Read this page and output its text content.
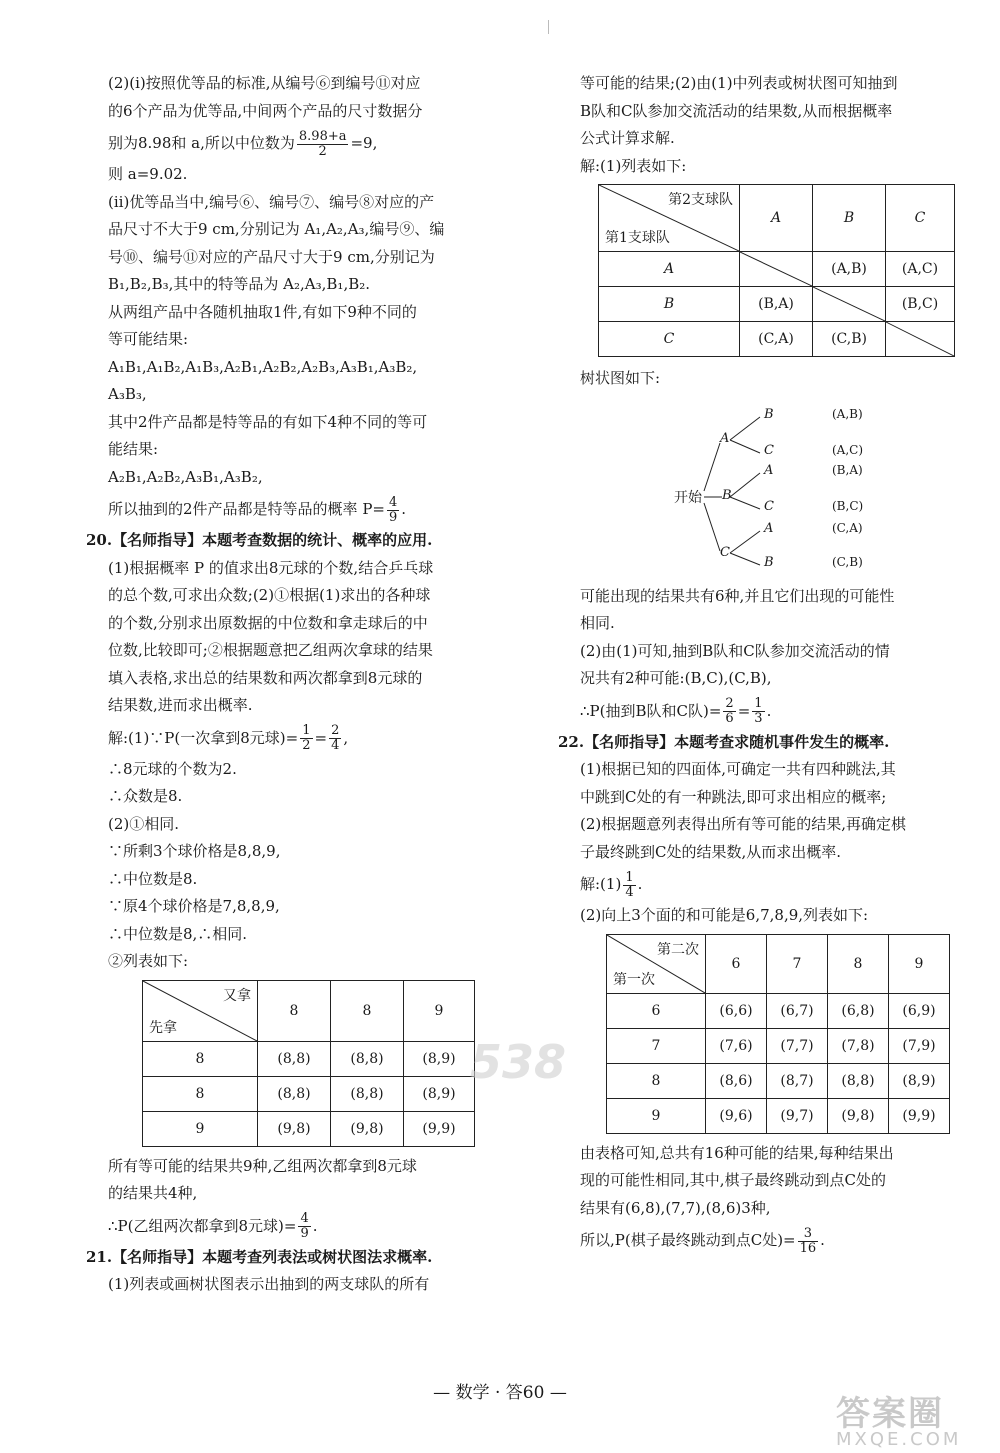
(2)(ⅰ)按照优等品的标准,从编号⑥到编号⑪对应
的6个产品为优等品,中间两个产品的尺寸数据分
别为8.98和 a,所以中位数为 $\frac{8.98+a}{2} =9$,
则 a=9.02.
(ⅱ)优等品当中,编号⑥、编号⑦、编号⑧对应的产
品尺寸不大于9 cm,分别记为 A₁,A₂,A₃,编号⑨、编
号⑩、编号⑪对应的产品尺寸大于9 cm,分别记为
B₁,B₂,B₃,其中的特等品为 A₂,A₃,B₁,B₂.
从两组产品中各随机抽取1件,有如下9种不同的
等可能结果:
A₁B₁,A₁B₂,A₁B₃,A₂B₁,A₂B₂,A₂B₃,A₃B₁,A₃B₂,
A₃B₃,
其中2件产品都是特等品的有如下4种不同的等可
能结果:
A₂B₁,A₂B₂,A₃B₁,A₃B₂,
所以抽到的2件产品都是特等品的概率 $P= \frac{4}{9}$ .
20.【名师指导】本题考查数据的统计、概率的应用.
(1)根据概率 P 的值求出8元球的个数,结合乒乓球
的总个数,可求出众数;(2)①根据(1)求出的各种球
的个数,分别求出原数据的中位数和拿走球后的中
位数,比较即可;②根据题意把乙组两次拿球的结果
填入表格,求出总的结果数和两次都拿到8元球的
结果数,进而求出概率.
解:(1)∵P(一次拿到8元球)= $\frac{1}{2} = \frac{2}{4}$ ,
∴8元球的个数为2.
∴众数是8.
(2)①相同.
∵所剩3个球价格是8,8,9,
∴中位数是8.
∵原4个球价格是7,8,8,9,
∴中位数是8,∴相同.
②列表如下:
又拿
先拿	8	8	9
8	(8,8)	(8,8)	(8,9)
8	(8,8)	(8,8)	(8,9)
9	(9,8)	(9,8)	(9,9)
所有等可能的结果共9种,乙组两次都拿到8元球
的结果共4种,
∴P(乙组两次都拿到8元球)= $\frac{4}{9}$ .
21.【名师指导】本题考查列表法或树状图法求概率.
(1)列表或画树状图表示出抽到的两支球队的所有
等可能的结果;(2)由(1)中列表或树状图可知抽到
B队和C队参加交流活动的结果数,从而根据概率
公式计算求解.
解:(1)列表如下:
第2支球队
第1支球队	A	B	C
A		(A,B)	(A,C)
B	(B,A)		(B,C)
C	(C,A)	(C,B)	
树状图如下:
开始
A
B
C
B
C
A
C
A
B
(A,B)
(A,C)
(B,A)
(B,C)
(C,A)
(C,B)
可能出现的结果共有6种,并且它们出现的可能性
相同.
(2)由(1)可知,抽到B队和C队参加交流活动的情
况共有2种可能:(B,C),(C,B),
∴P(抽到B队和C队)= $\frac{2}{6} = \frac{1}{3}$ .
22.【名师指导】本题考查求随机事件发生的概率.
(1)根据已知的四面体,可确定一共有四种跳法,其
中跳到C处的有一种跳法,即可求出相应的概率;
(2)根据题意列表得出所有等可能的结果,再确定棋
子最终跳到C处的结果数,从而求出概率.
解:(1) $\frac{1}{4}$ .
(2)向上3个面的和可能是6,7,8,9,列表如下:
第二次
第一次	6	7	8	9
6	(6,6)	(6,7)	(6,8)	(6,9)
7	(7,6)	(7,7)	(7,8)	(7,9)
8	(8,6)	(8,7)	(8,8)	(8,9)
9	(9,6)	(9,7)	(9,8)	(9,9)
由表格可知,总共有16种可能的结果,每种结果出
现的可能性相同,其中,棋子最终跳动到点C处的
结果有(6,8),(7,7),(8,6)3种,
所以,P(棋子最终跳动到点C处)= $\frac{3}{16}$ .
538
— 数学 · 答60 —
答案圈
MXQE.COM
